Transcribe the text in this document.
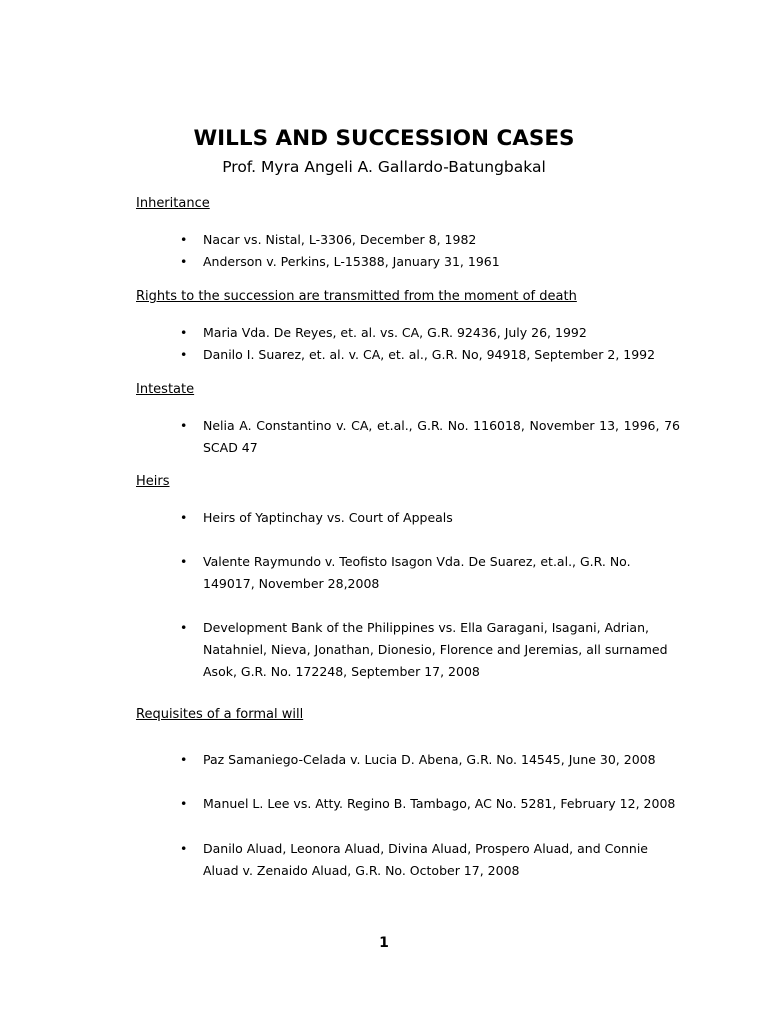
WILLS AND SUCCESSION CASES

Prof. Myra Angeli A. Gallardo-Batungbakal

Inheritance

• Nacar vs. Nistal, L-3306, December 8, 1982
• Anderson v. Perkins, L-15388, January 31, 1961

Rights to the succession are transmitted from the moment of death

• Maria Vda. De Reyes, et. al. vs. CA, G.R. 92436, July 26, 1992
• Danilo I. Suarez, et. al. v. CA, et. al., G.R. No, 94918, September 2, 1992

Intestate

• Nelia A. Constantino v. CA, et.al., G.R. No. 116018, November 13, 1996, 76 SCAD 47

Heirs

• Heirs of Yaptinchay vs. Court of Appeals
• Valente Raymundo v. Teofisto Isagon Vda. De Suarez, et.al., G.R. No. 149017, November 28,2008
• Development Bank of the Philippines vs. Ella Garagani, Isagani, Adrian, Natahniel, Nieva, Jonathan, Dionesio, Florence and Jeremias, all surnamed Asok, G.R. No. 172248, September 17, 2008

Requisites of a formal will

• Paz Samaniego-Celada v. Lucia D. Abena, G.R. No. 14545, June 30, 2008
• Manuel L. Lee vs. Atty. Regino B. Tambago, AC No. 5281, February 12, 2008
• Danilo Aluad, Leonora Aluad, Divina Aluad, Prospero Aluad, and Connie Aluad v. Zenaido Aluad, G.R. No. October 17, 2008
1
